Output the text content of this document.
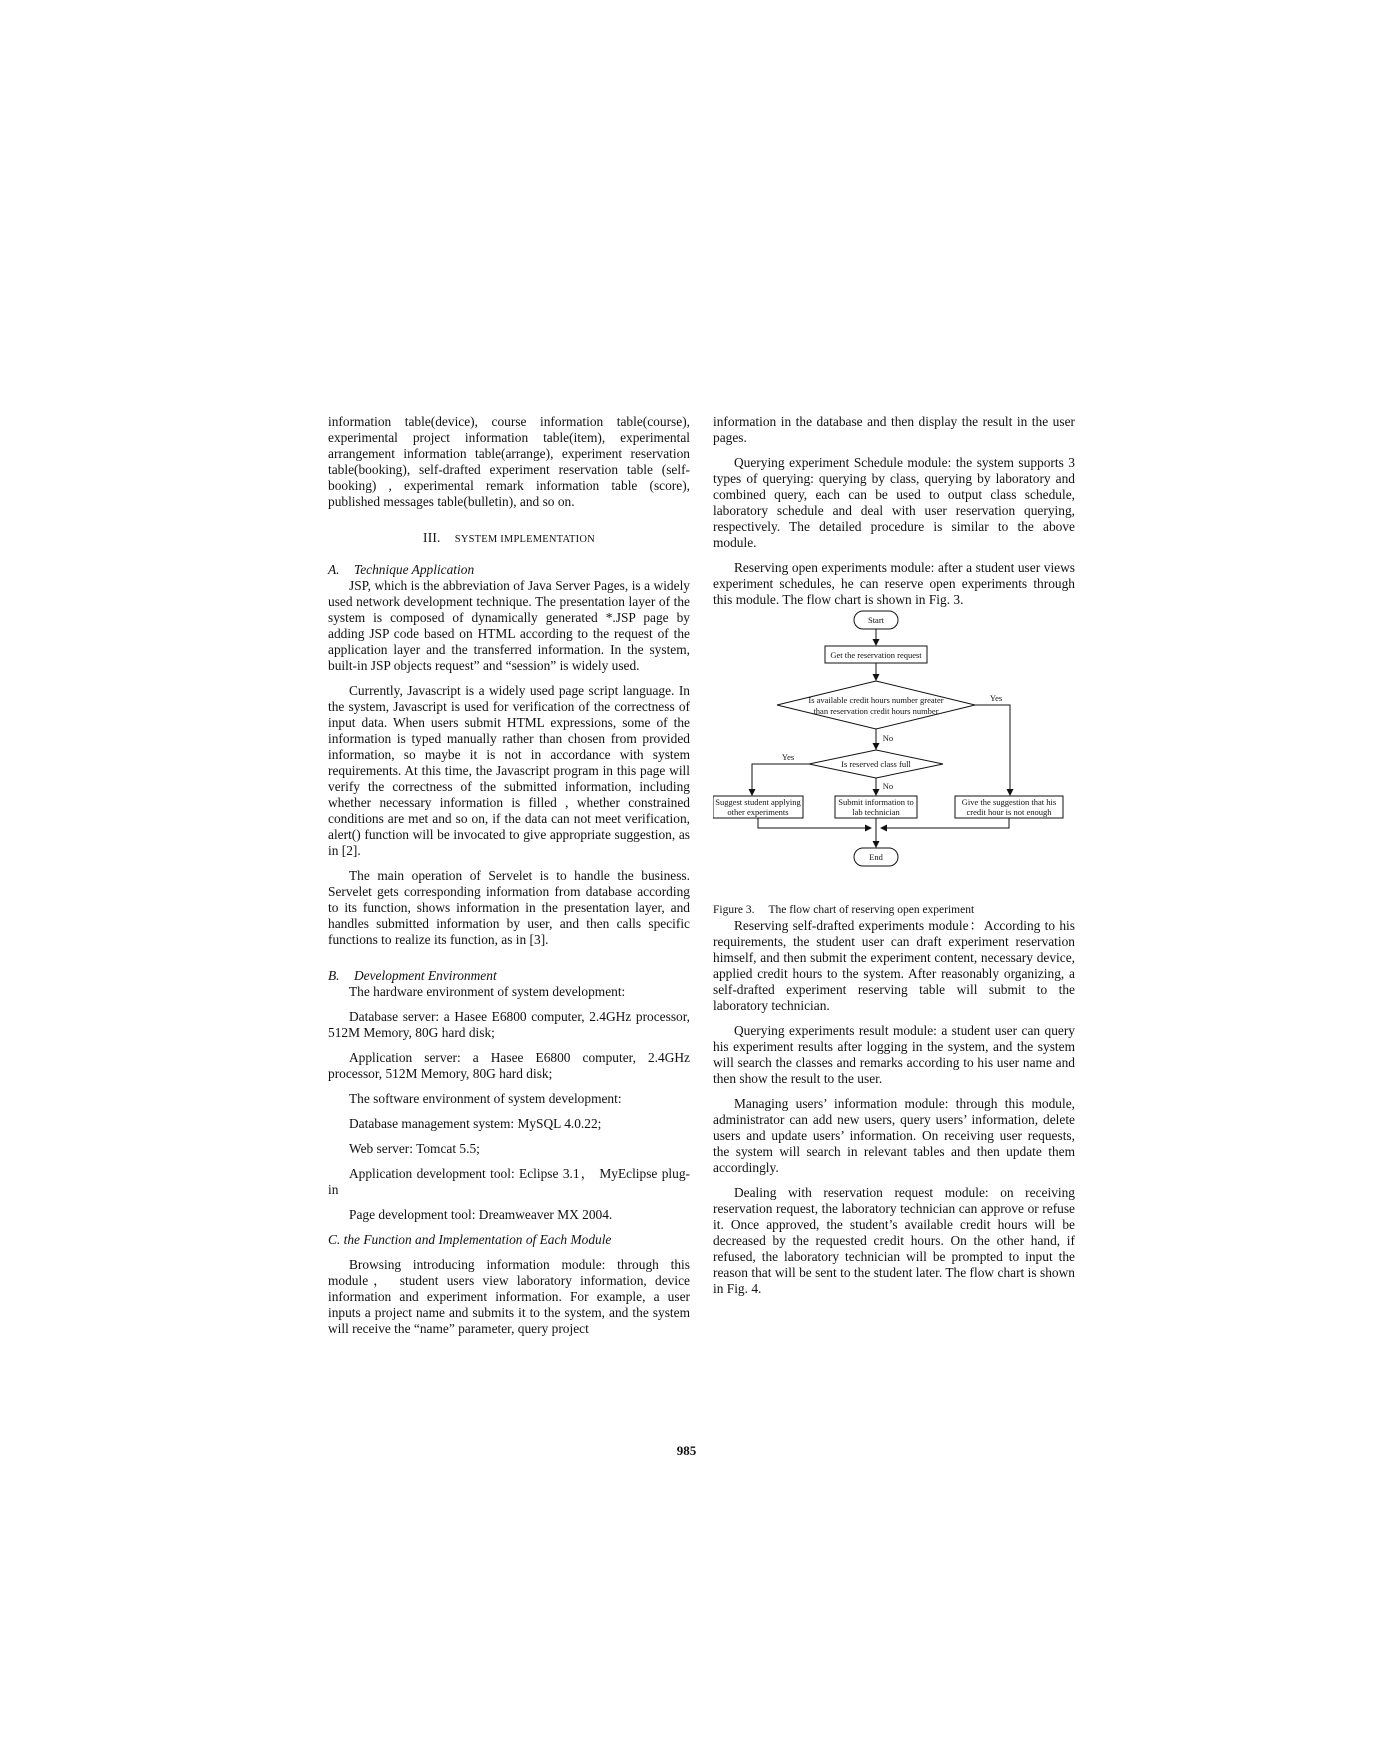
information table(device), course information table(course), experimental project information table(item), experimental arrangement information table(arrange), experiment reservation table(booking), self-drafted experiment reservation table (self-booking) , experimental remark information table (score), published messages table(bulletin), and so on.

III. SYSTEM IMPLEMENTATION

A. Technique Application

JSP, which is the abbreviation of Java Server Pages, is a widely used network development technique. The presentation layer of the system is composed of dynamically generated *.JSP page by adding JSP code based on HTML according to the request of the application layer and the transferred information. In the system, built-in JSP objects request” and “session” is widely used.

Currently, Javascript is a widely used page script language. In the system, Javascript is used for verification of the correctness of input data. When users submit HTML expressions, some of the information is typed manually rather than chosen from provided information, so maybe it is not in accordance with system requirements. At this time, the Javascript program in this page will verify the correctness of the submitted information, including whether necessary information is filled , whether constrained conditions are met and so on, if the data can not meet verification, alert() function will be invocated to give appropriate suggestion, as in [2].

The main operation of Servelet is to handle the business. Servelet gets corresponding information from database according to its function, shows information in the presentation layer, and handles submitted information by user, and then calls specific functions to realize its function, as in [3].

B. Development Environment

The hardware environment of system development:

Database server: a Hasee E6800 computer, 2.4GHz processor, 512M Memory, 80G hard disk;

Application server: a Hasee E6800 computer, 2.4GHz processor, 512M Memory, 80G hard disk;

The software environment of system development:

Database management system: MySQL 4.0.22;

Web server: Tomcat 5.5;

Application development tool: Eclipse 3.1， MyEclipse plug-in

Page development tool: Dreamweaver MX 2004.

C. the Function and Implementation of Each Module

Browsing introducing information module: through this module， student users view laboratory information, device information and experiment information. For example, a user inputs a project name and submits it to the system, and the system will receive the “name” parameter, query project

information in the database and then display the result in the user pages.

Querying experiment Schedule module: the system supports 3 types of querying: querying by class, querying by laboratory and combined query, each can be used to output class schedule, laboratory schedule and deal with user reservation querying, respectively. The detailed procedure is similar to the above module.

Reserving open experiments module: after a student user views experiment schedules, he can reserve open experiments through this module. The flow chart is shown in Fig. 3.

Start
Get the reservation request
Is available credit hours number greater
than reservation credit hours number
Yes
No
Is reserved class full
Yes
No
Suggest student applying
other experiments
Submit information to
lab technician
Give the suggestion that his
credit hour is not enough
End

Figure 3. The flow chart of reserving open experiment

Reserving self-drafted experiments module：According to his requirements, the student user can draft experiment reservation himself, and then submit the experiment content, necessary device, applied credit hours to the system. After reasonably organizing, a self-drafted experiment reserving table will submit to the laboratory technician.

Querying experiments result module: a student user can query his experiment results after logging in the system, and the system will search the classes and remarks according to his user name and then show the result to the user.

Managing users’ information module: through this module, administrator can add new users, query users’ information, delete users and update users’ information. On receiving user requests, the system will search in relevant tables and then update them accordingly.

Dealing with reservation request module: on receiving reservation request, the laboratory technician can approve or refuse it. Once approved, the student’s available credit hours will be decreased by the requested credit hours. On the other hand, if refused, the laboratory technician will be prompted to input the reason that will be sent to the student later. The flow chart is shown in Fig. 4.

985
